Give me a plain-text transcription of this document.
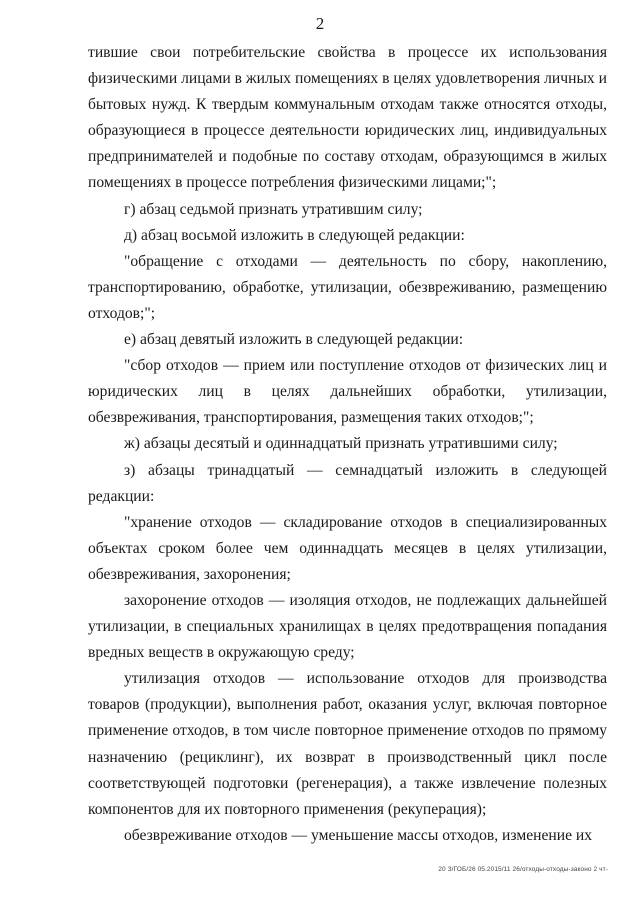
2

тившие свои потребительские свойства в процессе их использования физическими лицами в жилых помещениях в целях удовлетворения личных и бытовых нужд. К твердым коммунальным отходам также относятся отходы, образующиеся в процессе деятельности юридических лиц, индивидуальных предпринимателей и подобные по составу отходам, образующимся в жилых помещениях в процессе потребления физическими лицами;";

г) абзац седьмой признать утратившим силу;

д) абзац восьмой изложить в следующей редакции:

"обращение с отходами — деятельность по сбору, накоплению, транспортированию, обработке, утилизации, обезвреживанию, размещению отходов;";

е) абзац девятый изложить в следующей редакции:

"сбор отходов — прием или поступление отходов от физических лиц и юридических лиц в целях дальнейших обработки, утилизации, обезвреживания, транспортирования, размещения таких отходов;";

ж) абзацы десятый и одиннадцатый признать утратившими силу;

з) абзацы тринадцатый — семнадцатый изложить в следующей редакции:

"хранение отходов — складирование отходов в специализированных объектах сроком более чем одиннадцать месяцев в целях утилизации, обезвреживания, захоронения;

захоронение отходов — изоляция отходов, не подлежащих дальнейшей утилизации, в специальных хранилищах в целях предотвращения попадания вредных веществ в окружающую среду;

утилизация отходов — использование отходов для производства товаров (продукции), выполнения работ, оказания услуг, включая повторное применение отходов, в том числе повторное применение отходов по прямому назначению (рециклинг), их возврат в производственный цикл после соответствующей подготовки (регенерация), а также извлечение полезных компонентов для их повторного применения (рекуперация);

обезвреживание отходов — уменьшение массы отходов, изменение их

20 З/ГОБ/26 05.2015/11 26/отходы-отходы-законо 2 чт-
